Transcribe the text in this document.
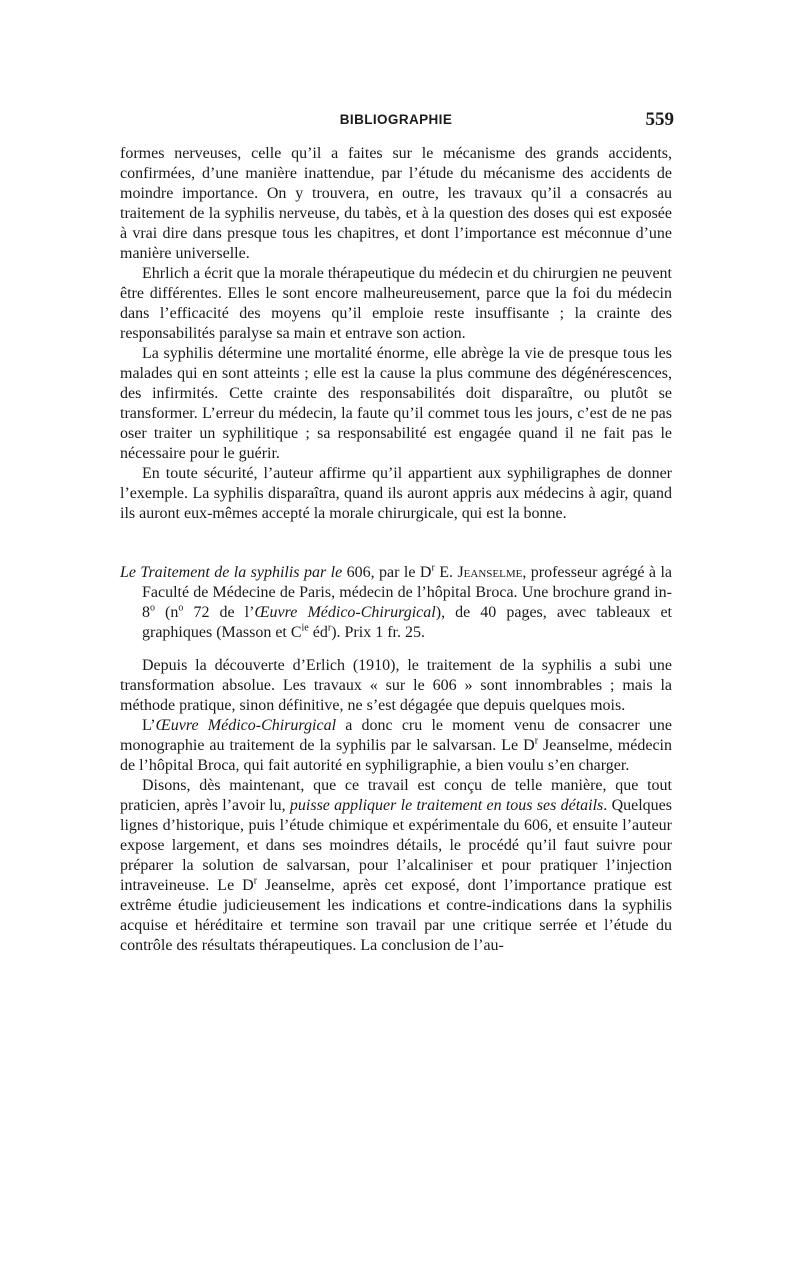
BIBLIOGRAPHIE	559

formes nerveuses, celle qu’il a faites sur le mécanisme des grands accidents, confirmées, d’une manière inattendue, par l’étude du mécanisme des accidents de moindre importance. On y trouvera, en outre, les travaux qu’il a consacrés au traitement de la syphilis nerveuse, du tabès, et à la question des doses qui est exposée à vrai dire dans presque tous les chapitres, et dont l’importance est méconnue d’une manière universelle.

Ehrlich a écrit que la morale thérapeutique du médecin et du chirurgien ne peuvent être différentes. Elles le sont encore malheureusement, parce que la foi du médecin dans l’efficacité des moyens qu’il emploie reste insuffisante ; la crainte des responsabilités paralyse sa main et entrave son action.

La syphilis détermine une mortalité énorme, elle abrège la vie de presque tous les malades qui en sont atteints ; elle est la cause la plus commune des dégénérescences, des infirmités. Cette crainte des responsabilités doit disparaître, ou plutôt se transformer. L’erreur du médecin, la faute qu’il commet tous les jours, c’est de ne pas oser traiter un syphilitique ; sa responsabilité est engagée quand il ne fait pas le nécessaire pour le guérir.

En toute sécurité, l’auteur affirme qu’il appartient aux syphiligraphes de donner l’exemple. La syphilis disparaîtra, quand ils auront appris aux médecins à agir, quand ils auront eux-mêmes accepté la morale chirurgicale, qui est la bonne.

Le Traitement de la syphilis par le 606, par le $D^r$ E. Jeanselme, professeur agrégé à la Faculté de Médecine de Paris, médecin de l’hôpital Broca. Une brochure grand in-8$^o$ ($n^o$ 72 de l’Œuvre Médico-Chirurgical), de 40 pages, avec tableaux et graphiques (Masson et $C^{ie}$ $éd^r$). Prix 1 fr. 25.

Depuis la découverte d’Erlich (1910), le traitement de la syphilis a subi une transformation absolue. Les travaux « sur le 606 » sont innombrables ; mais la méthode pratique, sinon définitive, ne s’est dégagée que depuis quelques mois.

L’Œuvre Médico-Chirurgical a donc cru le moment venu de consacrer une monographie au traitement de la syphilis par le salvarsan. Le $D^r$ Jeanselme, médecin de l’hôpital Broca, qui fait autorité en syphiligraphie, a bien voulu s’en charger.

Disons, dès maintenant, que ce travail est conçu de telle manière, que tout praticien, après l’avoir lu, puisse appliquer le traitement en tous ses détails. Quelques lignes d’historique, puis l’étude chimique et expérimentale du 606, et ensuite l’auteur expose largement, et dans ses moindres détails, le procédé qu’il faut suivre pour préparer la solution de salvarsan, pour l’alcaliniser et pour pratiquer l’injection intraveineuse. Le $D^r$ Jeanselme, après cet exposé, dont l’importance pratique est extrême étudie judicieusement les indications et contre-indications dans la syphilis acquise et héréditaire et termine son travail par une critique serrée et l’étude du contrôle des résultats thérapeutiques. La conclusion de l’au-
